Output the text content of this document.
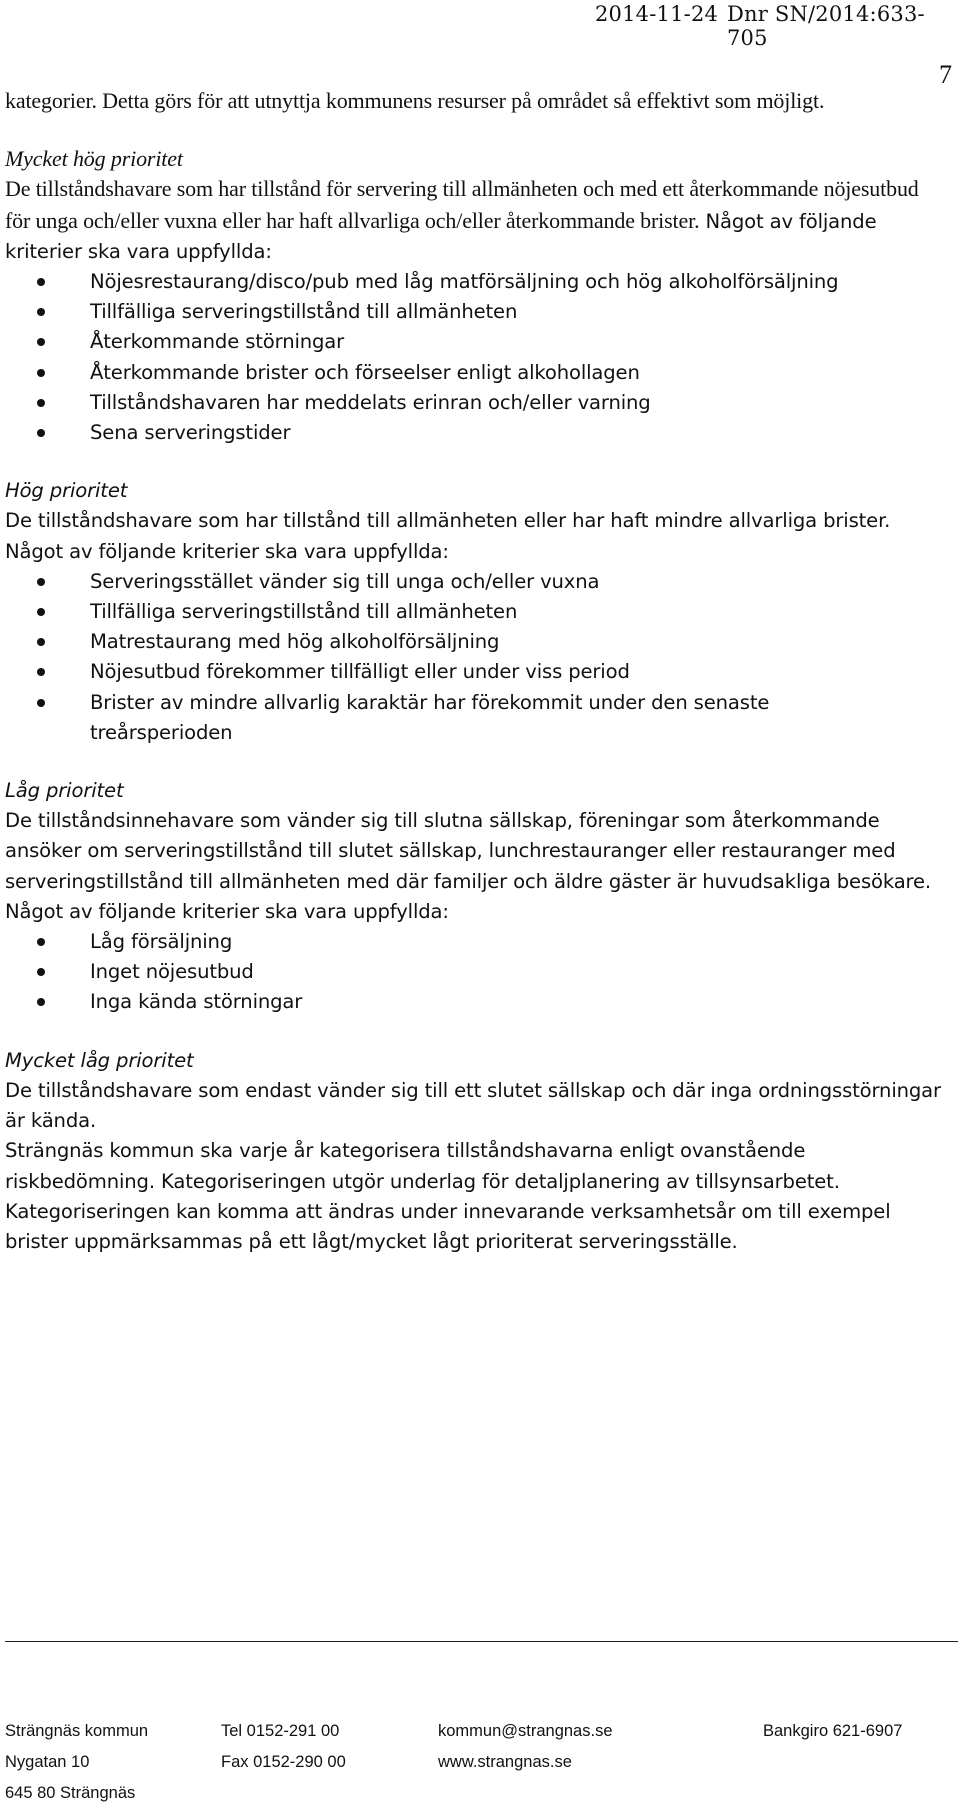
2014-11-24 Dnr SN/2014:633-705
7

kategorier. Detta görs för att utnyttja kommunens resurser på området så effektivt som möjligt.

Mycket hög prioritet

De tillståndshavare som har tillstånd för servering till allmänheten och med ett återkommande nöjesutbud för unga och/eller vuxna eller har haft allvarliga och/eller återkommande brister. Något av följande kriterier ska vara uppfyllda:

Nöjesrestaurang/disco/pub med låg matförsäljning och hög alkoholförsäljning
Tillfälliga serveringstillstånd till allmänheten
Återkommande störningar
Återkommande brister och förseelser enligt alkohollagen
Tillståndshavaren har meddelats erinran och/eller varning
Sena serveringstider

Hög prioritet

De tillståndshavare som har tillstånd till allmänheten eller har haft mindre allvarliga brister. Något av följande kriterier ska vara uppfyllda:

Serveringsstället vänder sig till unga och/eller vuxna
Tillfälliga serveringstillstånd till allmänheten
Matrestaurang med hög alkoholförsäljning
Nöjesutbud förekommer tillfälligt eller under viss period
Brister av mindre allvarlig karaktär har förekommit under den senaste treårsperioden

Låg prioritet

De tillståndsinnehavare som vänder sig till slutna sällskap, föreningar som återkommande ansöker om serveringstillstånd till slutet sällskap, lunchrestauranger eller restauranger med serveringstillstånd till allmänheten med där familjer och äldre gäster är huvudsakliga besökare. Något av följande kriterier ska vara uppfyllda:

Låg försäljning
Inget nöjesutbud
Inga kända störningar

Mycket låg prioritet

De tillståndshavare som endast vänder sig till ett slutet sällskap och där inga ordningsstörningar är kända.

Strängnäs kommun ska varje år kategorisera tillståndshavarna enligt ovanstående riskbedömning. Kategoriseringen utgör underlag för detaljplanering av tillsynsarbetet. Kategoriseringen kan komma att ändras under innevarande verksamhetsår om till exempel brister uppmärksammas på ett lågt/mycket lågt prioriterat serveringsställe.

Strängnäs kommun	Tel 0152-291 00	kommun@strangnas.se	Bankgiro 621-6907
Nygatan 10	Fax 0152-290 00	www.strangnas.se
645 80 Strängnäs
